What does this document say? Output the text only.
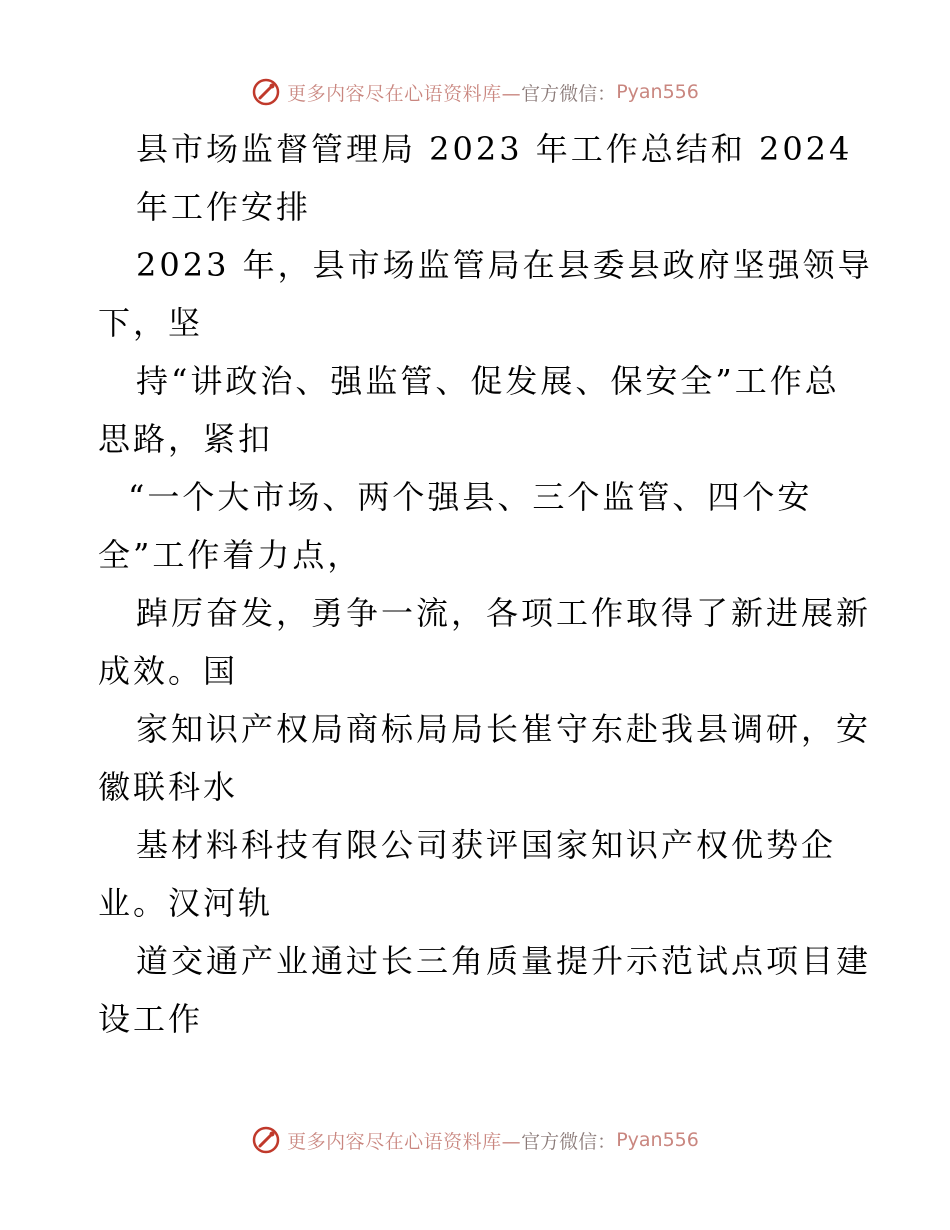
更多内容尽在心语资料库— 官方微信： Pyan556
县市场监督管理局 2023 年工作总结和 2024
年工作安排
2023 年，县市场监管局在县委县政府坚强领导
下，坚
持“讲政治、强监管、促发展、保安全”工作总
思路，紧扣
“一个大市场、两个强县、三个监管、四个安
全”工作着力点，
踔厉奋发，勇争一流，各项工作取得了新进展新
成效。国
家知识产权局商标局局长崔守东赴我县调研，安
徽联科水
基材料科技有限公司获评国家知识产权优势企
业。汉河轨
道交通产业通过长三角质量提升示范试点项目建
设工作
更多内容尽在心语资料库— 官方微信： Pyan556
